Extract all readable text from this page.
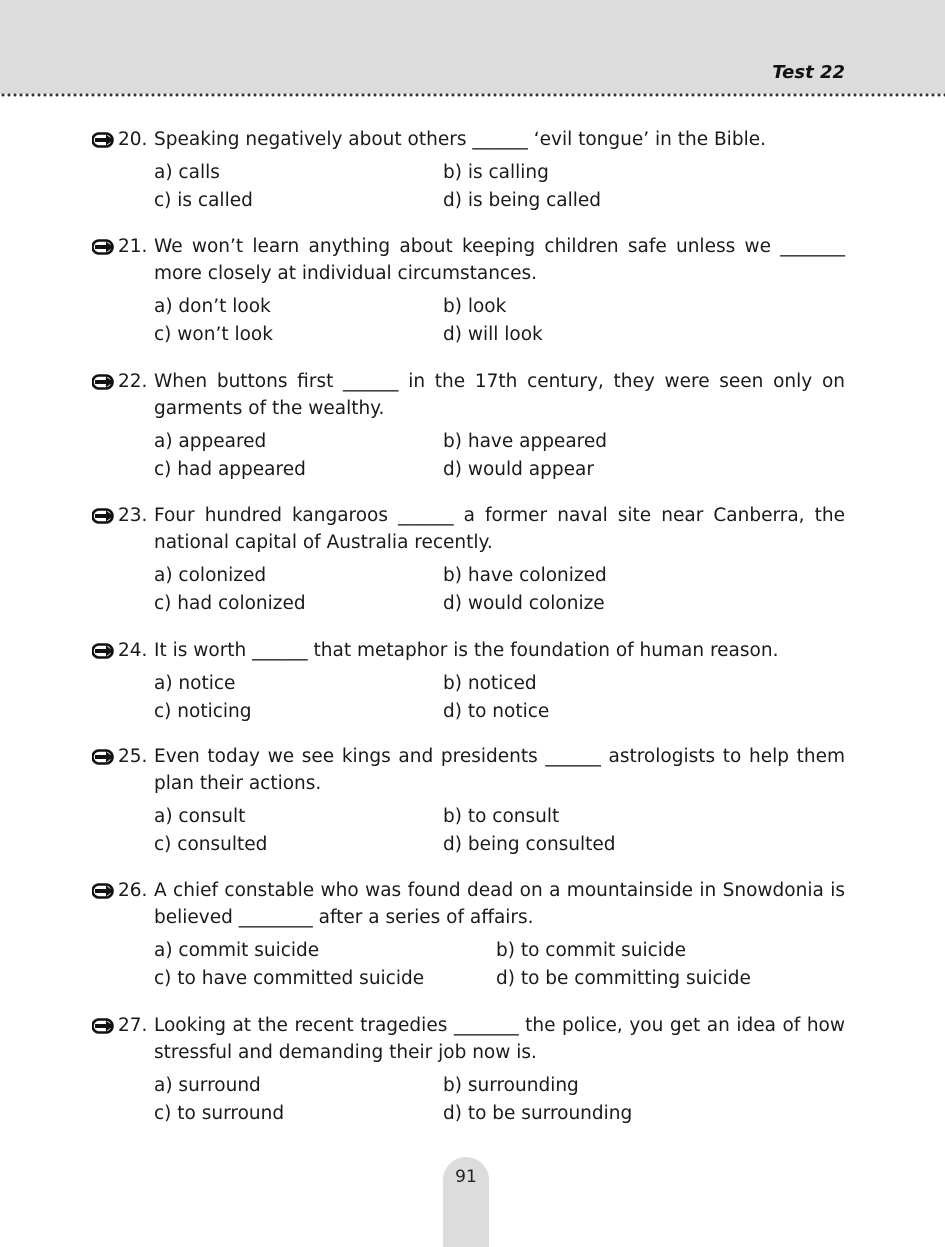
Test 22
20. Speaking negatively about others ______ ‘evil tongue’ in the Bible.
a) calls	b) is calling
c) is called	d) is being called
21. We won’t learn anything about keeping children safe unless we _______ more closely at individual circumstances.
a) don’t look	b) look
c) won’t look	d) will look
22. When buttons first ______ in the 17th century, they were seen only on garments of the wealthy.
a) appeared	b) have appeared
c) had appeared	d) would appear
23. Four hundred kangaroos ______ a former naval site near Canberra, the national capital of Australia recently.
a) colonized	b) have colonized
c) had colonized	d) would colonize
24. It is worth ______ that metaphor is the foundation of human reason.
a) notice	b) noticed
c) noticing	d) to notice
25. Even today we see kings and presidents ______ astrologists to help them plan their actions.
a) consult	b) to consult
c) consulted	d) being consulted
26. A chief constable who was found dead on a mountainside in Snowdonia is believed ________ after a series of affairs.
a) commit suicide	b) to commit suicide
c) to have committed suicide	d) to be committing suicide
27. Looking at the recent tragedies _______ the police, you get an idea of how stressful and demanding their job now is.
a) surround	b) surrounding
c) to surround	d) to be surrounding
91
